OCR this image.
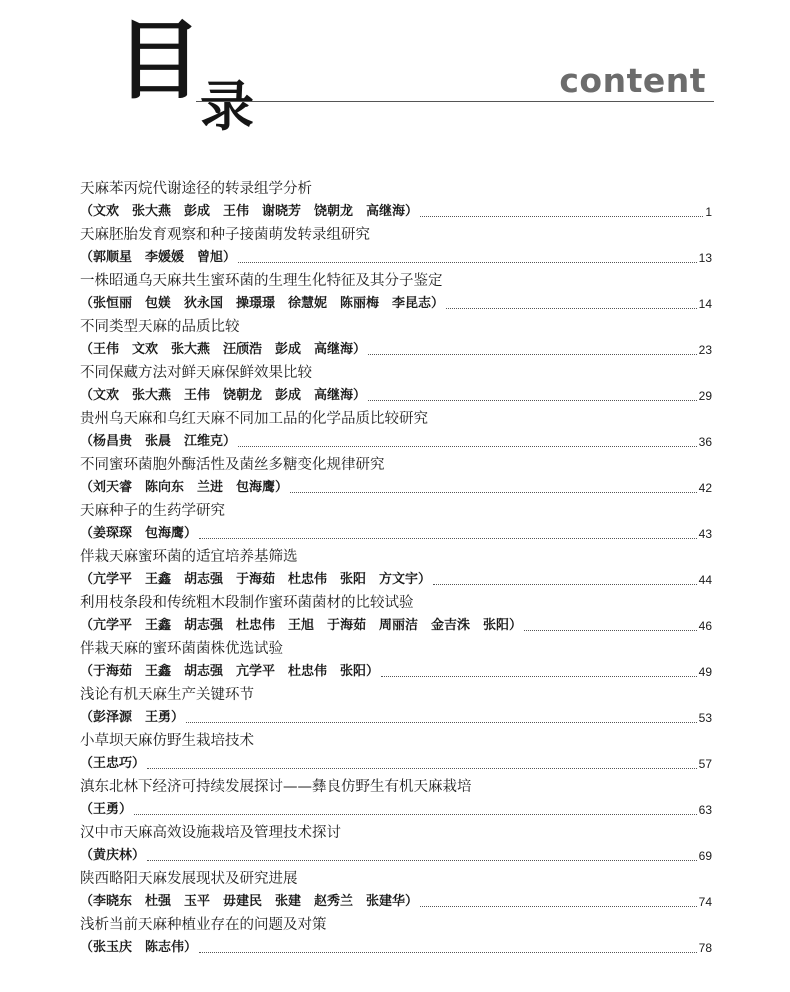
目
录	content
天麻苯丙烷代谢途径的转录组学分析
（文欢　张大燕　彭成　王伟　谢晓芳　饶朝龙　高继海）	1
天麻胚胎发育观察和种子接菌萌发转录组研究
（郭顺星　李媛媛　曾旭）	13
一株昭通乌天麻共生蜜环菌的生理生化特征及其分子鉴定
（张恒丽　包媄　狄永国　操璟璟　徐慧妮　陈丽梅　李昆志）	14
不同类型天麻的品质比较
（王伟　文欢　张大燕　汪颀浩　彭成　高继海）	23
不同保藏方法对鲜天麻保鲜效果比较
（文欢　张大燕　王伟　饶朝龙　彭成　高继海）	29
贵州乌天麻和乌红天麻不同加工品的化学品质比较研究
（杨昌贵　张晨　江维克）	36
不同蜜环菌胞外酶活性及菌丝多糖变化规律研究
（刘天睿　陈向东　兰进　包海鹰）	42
天麻种子的生药学研究
（姜琛琛　包海鹰）	43
伴栽天麻蜜环菌的适宜培养基筛选
（亢学平　王鑫　胡志强　于海茹　杜忠伟　张阳　方文宇）	44
利用枝条段和传统粗木段制作蜜环菌菌材的比较试验
（亢学平　王鑫　胡志强　杜忠伟　王旭　于海茹　周丽洁　金吉洙　张阳）	46
伴栽天麻的蜜环菌菌株优选试验
（于海茹　王鑫　胡志强　亢学平　杜忠伟　张阳）	49
浅论有机天麻生产关键环节
（彭泽源　王勇）	53
小草坝天麻仿野生栽培技术
（王忠巧）	57
滇东北林下经济可持续发展探讨——彝良仿野生有机天麻栽培
（王勇）	63
汉中市天麻高效设施栽培及管理技术探讨
（黄庆林）	69
陕西略阳天麻发展现状及研究进展
（李晓东　杜强　玉平　毋建民　张建　赵秀兰　张建华）	74
浅析当前天麻种植业存在的问题及对策
（张玉庆　陈志伟）	78
